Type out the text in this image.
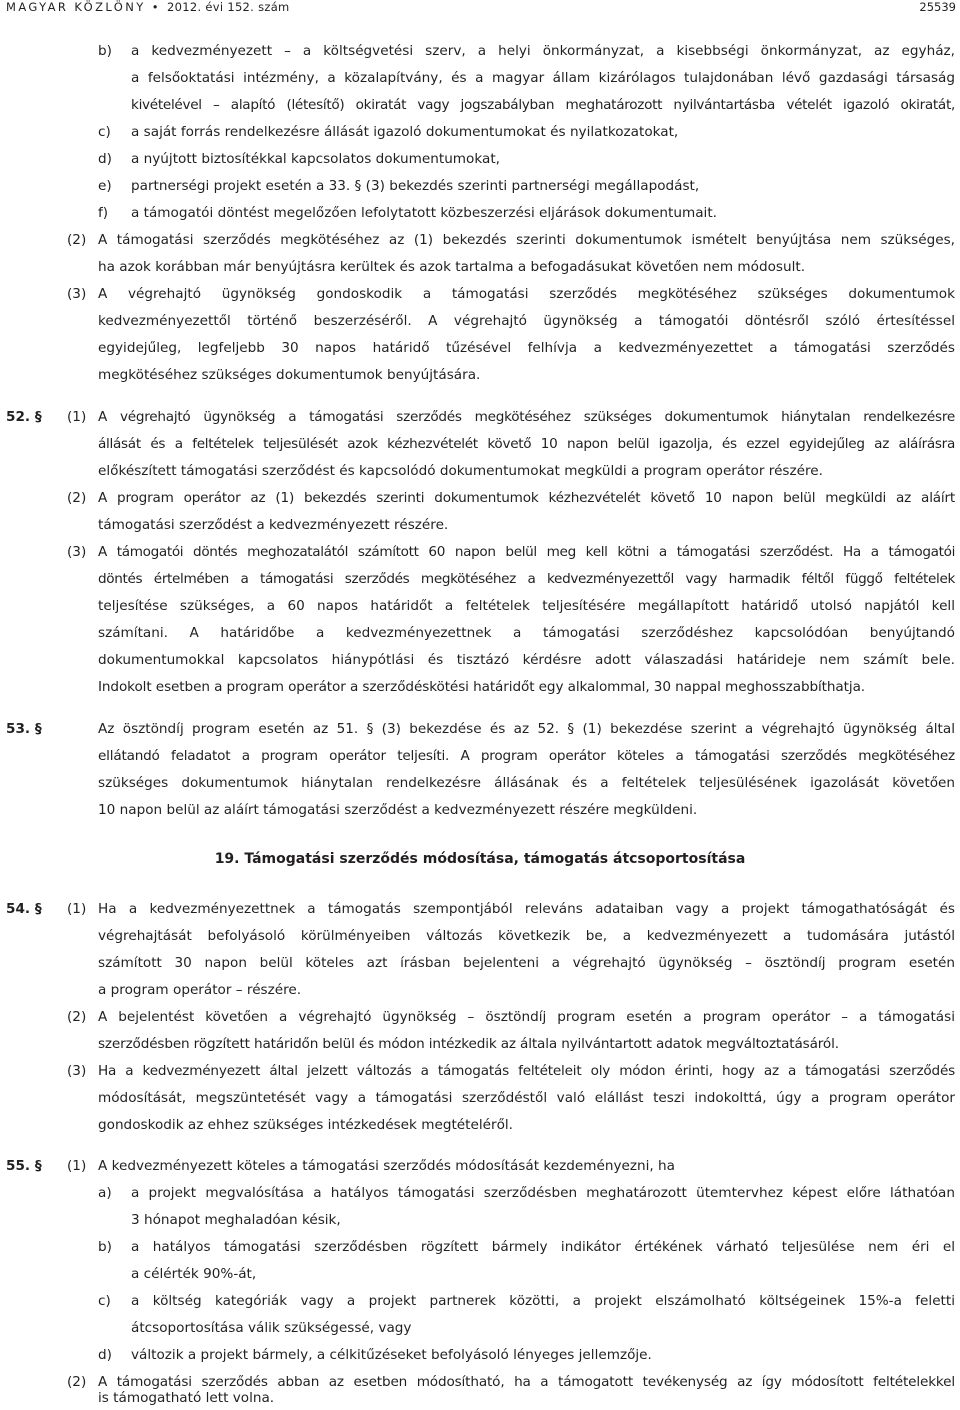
MAGYAR KÖZLÖNY • 2012. évi 152. szám	25539
b) a kedvezményezett – a költségvetési szerv, a helyi önkormányzat, a kisebbségi önkormányzat, az egyház,
a felsőoktatási intézmény, a közalapítvány, és a magyar állam kizárólagos tulajdonában lévő gazdasági társaság
kivételével – alapító (létesítő) okiratát vagy jogszabályban meghatározott nyilvántartásba vételét igazoló okiratát,
c) a saját forrás rendelkezésre állását igazoló dokumentumokat és nyilatkozatokat,
d) a nyújtott biztosítékkal kapcsolatos dokumentumokat,
e) partnerségi projekt esetén a 33. § (3) bekezdés szerinti partnerségi megállapodást,
f) a támogatói döntést megelőzően lefolytatott közbeszerzési eljárások dokumentumait.
(2) A támogatási szerződés megkötéséhez az (1) bekezdés szerinti dokumentumok ismételt benyújtása nem szükséges,
ha azok korábban már benyújtásra kerültek és azok tartalma a befogadásukat követően nem módosult.
(3) A végrehajtó ügynökség gondoskodik a támogatási szerződés megkötéséhez szükséges dokumentumok
kedvezményezettől történő beszerzéséről. A végrehajtó ügynökség a támogatói döntésről szóló értesítéssel
egyidejűleg, legfeljebb 30 napos határidő tűzésével felhívja a kedvezményezettet a támogatási szerződés
megkötéséhez szükséges dokumentumok benyújtására.
52. § (1) A végrehajtó ügynökség a támogatási szerződés megkötéséhez szükséges dokumentumok hiánytalan rendelkezésre
állását és a feltételek teljesülését azok kézhezvételét követő 10 napon belül igazolja, és ezzel egyidejűleg az aláírásra
előkészített támogatási szerződést és kapcsolódó dokumentumokat megküldi a program operátor részére.
(2) A program operátor az (1) bekezdés szerinti dokumentumok kézhezvételét követő 10 napon belül megküldi az aláírt
támogatási szerződést a kedvezményezett részére.
(3) A támogatói döntés meghozatalától számított 60 napon belül meg kell kötni a támogatási szerződést. Ha a támogatói
döntés értelmében a támogatási szerződés megkötéséhez a kedvezményezettől vagy harmadik féltől függő feltételek
teljesítése szükséges, a 60 napos határidőt a feltételek teljesítésére megállapított határidő utolsó napjától kell
számítani. A határidőbe a kedvezményezettnek a támogatási szerződéshez kapcsolódóan benyújtandó
dokumentumokkal kapcsolatos hiánypótlási és tisztázó kérdésre adott válaszadási határideje nem számít bele.
Indokolt esetben a program operátor a szerződéskötési határidőt egy alkalommal, 30 nappal meghosszabbíthatja.
53. §	Az ösztöndíj program esetén az 51. § (3) bekezdése és az 52. § (1) bekezdése szerint a végrehajtó ügynökség által
ellátandó feladatot a program operátor teljesíti. A program operátor köteles a támogatási szerződés megkötéséhez
szükséges dokumentumok hiánytalan rendelkezésre állásának és a feltételek teljesülésének igazolását követően
10 napon belül az aláírt támogatási szerződést a kedvezményezett részére megküldeni.
19. Támogatási szerződés módosítása, támogatás átcsoportosítása
54. § (1) Ha a kedvezményezettnek a támogatás szempontjából releváns adataiban vagy a projekt támogathatóságát és
végrehajtását befolyásoló körülményeiben változás következik be, a kedvezményezett a tudomására jutástól
számított 30 napon belül köteles azt írásban bejelenteni a végrehajtó ügynökség – ösztöndíj program esetén
a program operátor – részére.
(2) A bejelentést követően a végrehajtó ügynökség – ösztöndíj program esetén a program operátor – a támogatási
szerződésben rögzített határidőn belül és módon intézkedik az általa nyilvántartott adatok megváltoztatásáról.
(3) Ha a kedvezményezett által jelzett változás a támogatás feltételeit oly módon érinti, hogy az a támogatási szerződés
módosítását, megszüntetését vagy a támogatási szerződéstől való elállást teszi indokolttá, úgy a program operátor
gondoskodik az ehhez szükséges intézkedések megtételéről.
55. § (1) A kedvezményezett köteles a támogatási szerződés módosítását kezdeményezni, ha
a) a projekt megvalósítása a hatályos támogatási szerződésben meghatározott ütemtervhez képest előre láthatóan
3 hónapot meghaladóan késik,
b) a hatályos támogatási szerződésben rögzített bármely indikátor értékének várható teljesülése nem éri el
a célérték 90%-át,
c) a költség kategóriák vagy a projekt partnerek közötti, a projekt elszámolható költségeinek 15%-a feletti
átcsoportosítása válik szükségessé, vagy
d) változik a projekt bármely, a célkitűzéseket befolyásoló lényeges jellemzője.
(2) A támogatási szerződés abban az esetben módosítható, ha a támogatott tevékenység az így módosított feltételekkel
is támogatható lett volna.
